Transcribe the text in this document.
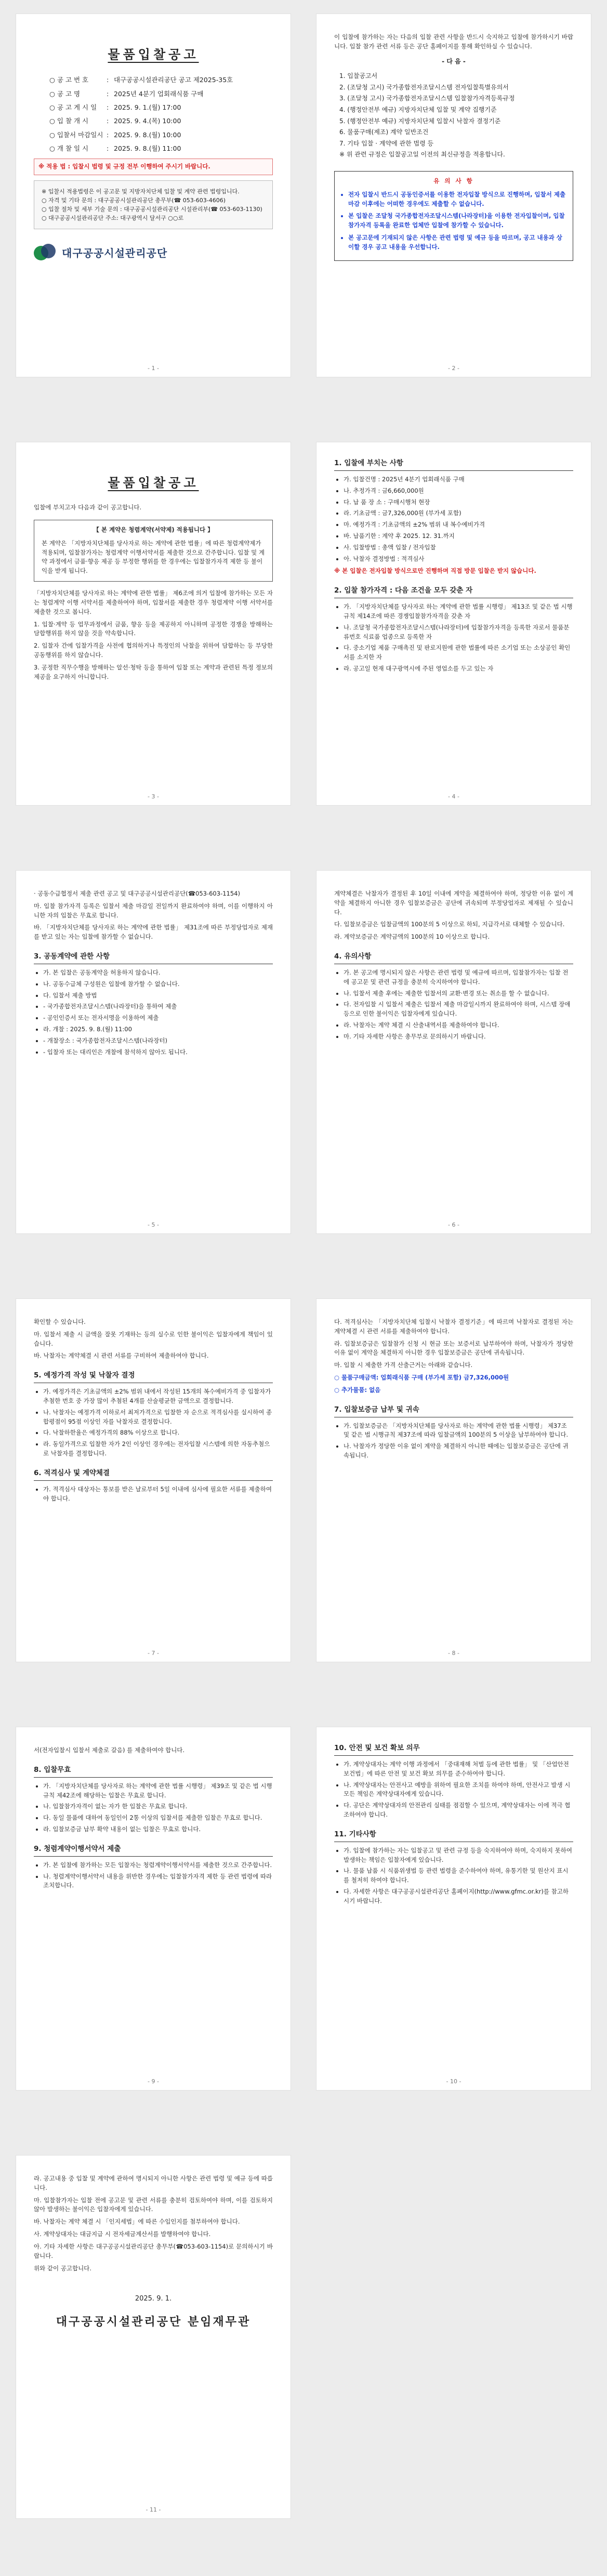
물품입찰공고
○ 공 고 번 호	: 대구공공시설관리공단 공고 제2025-35호
○ 공 고 명	: 2025년 4분기 업회래식품 구매
○ 공 고 게 시 일	: 2025. 9. 1.(월) 17:00
○ 입 찰 개 시	: 2025. 9. 4.(목) 10:00
○ 입찰서 마감일시 : 2025. 9. 8.(월) 10:00
○ 개 찰 일 시	: 2025. 9. 8.(월) 11:00
※ 적용 법 : 입찰시 법령 및 규정 전부 이행하여 주시기 바랍니다.
※ 입찰시 적용법령은 이 공고문 및 지방자치단체 입찰 및 계약 관련 법령입니다.
○ 자격 및 기타 문의 : 대구공공시설관리공단 총무부(☎ 053-603-4606)
○ 입찰 절차 및 세부 기술 문의 : 대구공공시설관리공단 시설관리부(☎ 053-603-1130)
○ 대구공공시설관리공단 주소: 대구광역시 달서구 ○○로
대구공공시설관리공단
- 1 -
이 입찰에 참가하는 자는 다음의 입찰 관련 사항을 반드시 숙지하고 입찰에 참가하시기 바랍니다. 입찰 참가 관련 서류 등은 공단 홈페이지를 통해 확인하실 수 있습니다.
- 다 음 -
1. 입찰공고서
2. (조달청 고시) 국가종합전자조달시스템 전자입찰특별유의서
3. (조달청 고시) 국가종합전자조달시스템 입찰참가자격등록규정
4. (행정안전부 예규) 지방자치단체 입찰 및 계약 집행기준
5. (행정안전부 예규) 지방자치단체 입찰시 낙찰자 결정기준
6. 물품구매(제조) 계약 일반조건
7. 기타 입찰 · 계약에 관한 법령 등
※ 위 관련 규정은 입찰공고일 이전의 최신규정을 적용합니다.
유 의 사 항
• 전자 입찰시 반드시 공동인증서를 이용한 전자입찰 방식으로 진행하며, 입찰서 제출 마감 이후에는 어떠한 경우에도 제출할 수 없습니다.
• 본 입찰은 조달청 국가종합전자조달시스템(나라장터)을 이용한 전자입찰이며, 입찰참가자격 등록을 완료한 업체만 입찰에 참가할 수 있습니다.
• 본 공고문에 기재되지 않은 사항은 관련 법령 및 예규 등을 따르며, 공고 내용과 상이할 경우 공고 내용을 우선합니다.
- 2 -
물품입찰공고
입찰에 부치고자 다음과 같이 공고합니다.
【 본 계약은 청렴계약(서약제) 적용됩니다 】
본 계약은 「지방자치단체를 당사자로 하는 계약에 관한 법률」에 따른 청렴계약제가 적용되며, 입찰참가자는 청렴계약 이행서약서를 제출한 것으로 간주합니다. 입찰 및 계약 과정에서 금품·향응 제공 등 부정한 행위를 한 경우에는 입찰참가자격 제한 등 불이익을 받게 됩니다.
「지방자치단체를 당사자로 하는 계약에 관한 법률」 제6조에 의거 입찰에 참가하는 모든 자는 청렴계약 이행 서약서를 제출하여야 하며, 입찰서를 제출한 경우 청렴계약 이행 서약서를 제출한 것으로 봅니다.
1. 입찰·계약 등 업무과정에서 금품, 향응 등을 제공하지 아니하며 공정한 경쟁을 방해하는 담합행위를 하지 않을 것을 약속합니다.
2. 입찰자 간에 입찰가격을 사전에 협의하거나 특정인의 낙찰을 위하여 담합하는 등 부당한 공동행위를 하지 않습니다.
3. 공정한 직무수행을 방해하는 알선·청탁 등을 통하여 입찰 또는 계약과 관련된 특정 정보의 제공을 요구하지 아니합니다.
- 3 -
1. 입찰에 부치는 사항
• 가. 입찰건명 : 2025년 4분기 업회래식품 구매
• 나. 추정가격 : 금6,660,000원
• 다. 납 품 장 소 : 구매시행처 현장
• 라. 기초금액 : 금7,326,000원 (부가세 포함)
• 마. 예정가격 : 기초금액의 ±2% 범위 내 복수예비가격
• 바. 납품기한 : 계약 후 2025. 12. 31.까지
• 사. 입찰방법 : 총액 입찰 / 전자입찰
• 아. 낙찰자 결정방법 : 적격심사
※ 본 입찰은 전자입찰 방식으로만 진행하며 직접 방문 입찰은 받지 않습니다.
2. 입찰 참가자격 : 다음 조건을 모두 갖춘 자
• 가. 「지방자치단체를 당사자로 하는 계약에 관한 법률 시행령」 제13조 및 같은 법 시행규칙 제14조에 따른 경쟁입찰참가자격을 갖춘 자
• 나. 조달청 국가종합전자조달시스템(나라장터)에 입찰참가자격을 등록한 자로서 물품분류번호 식료품 업종으로 등록한 자
• 다. 중소기업 제품 구매촉진 및 판로지원에 관한 법률에 따른 소기업 또는 소상공인 확인서를 소지한 자
• 라. 공고일 현재 대구광역시에 주된 영업소를 두고 있는 자
- 4 -
· 공동수급협정서 제출 관련 공고 및 대구공공시설관리공단(☎053-603-1154)
마. 입찰 참가자격 등록은 입찰서 제출 마감일 전일까지 완료하여야 하며, 이를 이행하지 아니한 자의 입찰은 무효로 합니다.
바. 「지방자치단체를 당사자로 하는 계약에 관한 법률」 제31조에 따른 부정당업자로 제재를 받고 있는 자는 입찰에 참가할 수 없습니다.
3. 공동계약에 관한 사항
• 가. 본 입찰은 공동계약을 허용하지 않습니다.
• 나. 공동수급체 구성원은 입찰에 참가할 수 없습니다.
• 다. 입찰서 제출 방법
• - 국가종합전자조달시스템(나라장터)을 통하여 제출
• - 공인인증서 또는 전자서명을 이용하여 제출
• 라. 개찰 : 2025. 9. 8.(월) 11:00
• - 개찰장소 : 국가종합전자조달시스템(나라장터)
• - 입찰자 또는 대리인은 개찰에 참석하지 않아도 됩니다.
- 5 -
계약체결은 낙찰자가 결정된 후 10일 이내에 계약을 체결하여야 하며, 정당한 이유 없이 계약을 체결하지 아니한 경우 입찰보증금은 공단에 귀속되며 부정당업자로 제재될 수 있습니다.
다. 입찰보증금은 입찰금액의 100분의 5 이상으로 하되, 지급각서로 대체할 수 있습니다.
라. 계약보증금은 계약금액의 100분의 10 이상으로 합니다.
4. 유의사항
• 가. 본 공고에 명시되지 않은 사항은 관련 법령 및 예규에 따르며, 입찰참가자는 입찰 전에 공고문 및 관련 규정을 충분히 숙지하여야 합니다.
• 나. 입찰서 제출 후에는 제출한 입찰서의 교환·변경 또는 취소를 할 수 없습니다.
• 다. 전자입찰 시 입찰서 제출은 입찰서 제출 마감일시까지 완료하여야 하며, 시스템 장애 등으로 인한 불이익은 입찰자에게 있습니다.
• 라. 낙찰자는 계약 체결 시 산출내역서를 제출하여야 합니다.
• 마. 기타 자세한 사항은 총무부로 문의하시기 바랍니다.
- 6 -
확인할 수 있습니다.
마. 입찰서 제출 시 금액을 잘못 기재하는 등의 실수로 인한 불이익은 입찰자에게 책임이 있습니다.
바. 낙찰자는 계약체결 시 관련 서류를 구비하여 제출하여야 합니다.
5. 예정가격 작성 및 낙찰자 결정
• 가. 예정가격은 기초금액의 ±2% 범위 내에서 작성된 15개의 복수예비가격 중 입찰자가 추첨한 번호 중 가장 많이 추첨된 4개를 산술평균한 금액으로 결정합니다.
• 나. 낙찰자는 예정가격 이하로서 최저가격으로 입찰한 자 순으로 적격심사를 실시하여 종합평점이 95점 이상인 자를 낙찰자로 결정합니다.
• 다. 낙찰하한율은 예정가격의 88% 이상으로 합니다.
• 라. 동일가격으로 입찰한 자가 2인 이상인 경우에는 전자입찰 시스템에 의한 자동추첨으로 낙찰자를 결정합니다.
6. 적격심사 및 계약체결
• 가. 적격심사 대상자는 통보를 받은 날로부터 5일 이내에 심사에 필요한 서류를 제출하여야 합니다.
- 7 -
다. 적격심사는 「지방자치단체 입찰시 낙찰자 결정기준」에 따르며 낙찰자로 결정된 자는 계약체결 시 관련 서류를 제출하여야 합니다.
라. 입찰보증금은 입찰참가 신청 시 현금 또는 보증서로 납부하여야 하며, 낙찰자가 정당한 이유 없이 계약을 체결하지 아니한 경우 입찰보증금은 공단에 귀속됩니다.
마. 입찰 시 제출한 가격 산출근거는 아래와 같습니다.
○ 물품구매금액: 업회래식품 구매 (부가세 포함) 금7,326,000원
○ 추가물품: 없음
7. 입찰보증금 납부 및 귀속
• 가. 입찰보증금은 「지방자치단체를 당사자로 하는 계약에 관한 법률 시행령」 제37조 및 같은 법 시행규칙 제37조에 따라 입찰금액의 100분의 5 이상을 납부하여야 합니다.
• 나. 낙찰자가 정당한 이유 없이 계약을 체결하지 아니한 때에는 입찰보증금은 공단에 귀속됩니다.
- 8 -
서(전자입찰시 입찰서 제출로 갈음) 를 제출하여야 합니다.
8. 입찰무효
• 가. 「지방자치단체를 당사자로 하는 계약에 관한 법률 시행령」 제39조 및 같은 법 시행규칙 제42조에 해당하는 입찰은 무효로 합니다.
• 나. 입찰참가자격이 없는 자가 한 입찰은 무효로 합니다.
• 다. 동일 물품에 대하여 동일인이 2통 이상의 입찰서를 제출한 입찰은 무효로 합니다.
• 라. 입찰보증금 납부 확약 내용이 없는 입찰은 무효로 합니다.
9. 청렴계약이행서약서 제출
• 가. 본 입찰에 참가하는 모든 입찰자는 청렴계약이행서약서를 제출한 것으로 간주합니다.
• 나. 청렴계약이행서약서 내용을 위반한 경우에는 입찰참가자격 제한 등 관련 법령에 따라 조치합니다.
- 9 -
10. 안전 및 보건 확보 의무
• 가. 계약상대자는 계약 이행 과정에서 「중대재해 처벌 등에 관한 법률」 및 「산업안전보건법」에 따른 안전 및 보건 확보 의무를 준수하여야 합니다.
• 나. 계약상대자는 안전사고 예방을 위하여 필요한 조치를 하여야 하며, 안전사고 발생 시 모든 책임은 계약상대자에게 있습니다.
• 다. 공단은 계약상대자의 안전관리 실태를 점검할 수 있으며, 계약상대자는 이에 적극 협조하여야 합니다.
11. 기타사항
• 가. 입찰에 참가하는 자는 입찰공고 및 관련 규정 등을 숙지하여야 하며, 숙지하지 못하여 발생하는 책임은 입찰자에게 있습니다.
• 나. 물품 납품 시 식품위생법 등 관련 법령을 준수하여야 하며, 유통기한 및 원산지 표시를 철저히 하여야 합니다.
• 다. 자세한 사항은 대구공공시설관리공단 홈페이지(http://www.gfmc.or.kr)를 참고하시기 바랍니다.
- 10 -
라. 공고내용 중 입찰 및 계약에 관하여 명시되지 아니한 사항은 관련 법령 및 예규 등에 따릅니다.
마. 입찰참가자는 입찰 전에 공고문 및 관련 서류를 충분히 검토하여야 하며, 이를 검토하지 않아 발생하는 불이익은 입찰자에게 있습니다.
바. 낙찰자는 계약 체결 시 「인지세법」에 따른 수입인지를 첨부하여야 합니다.
사. 계약상대자는 대금지급 시 전자세금계산서를 발행하여야 합니다.
아. 기타 자세한 사항은 대구공공시설관리공단 총무부(☎053-603-1154)로 문의하시기 바랍니다.
위와 같이 공고합니다.
2025. 9. 1.
대구공공시설관리공단 분임재무관
- 11 -
